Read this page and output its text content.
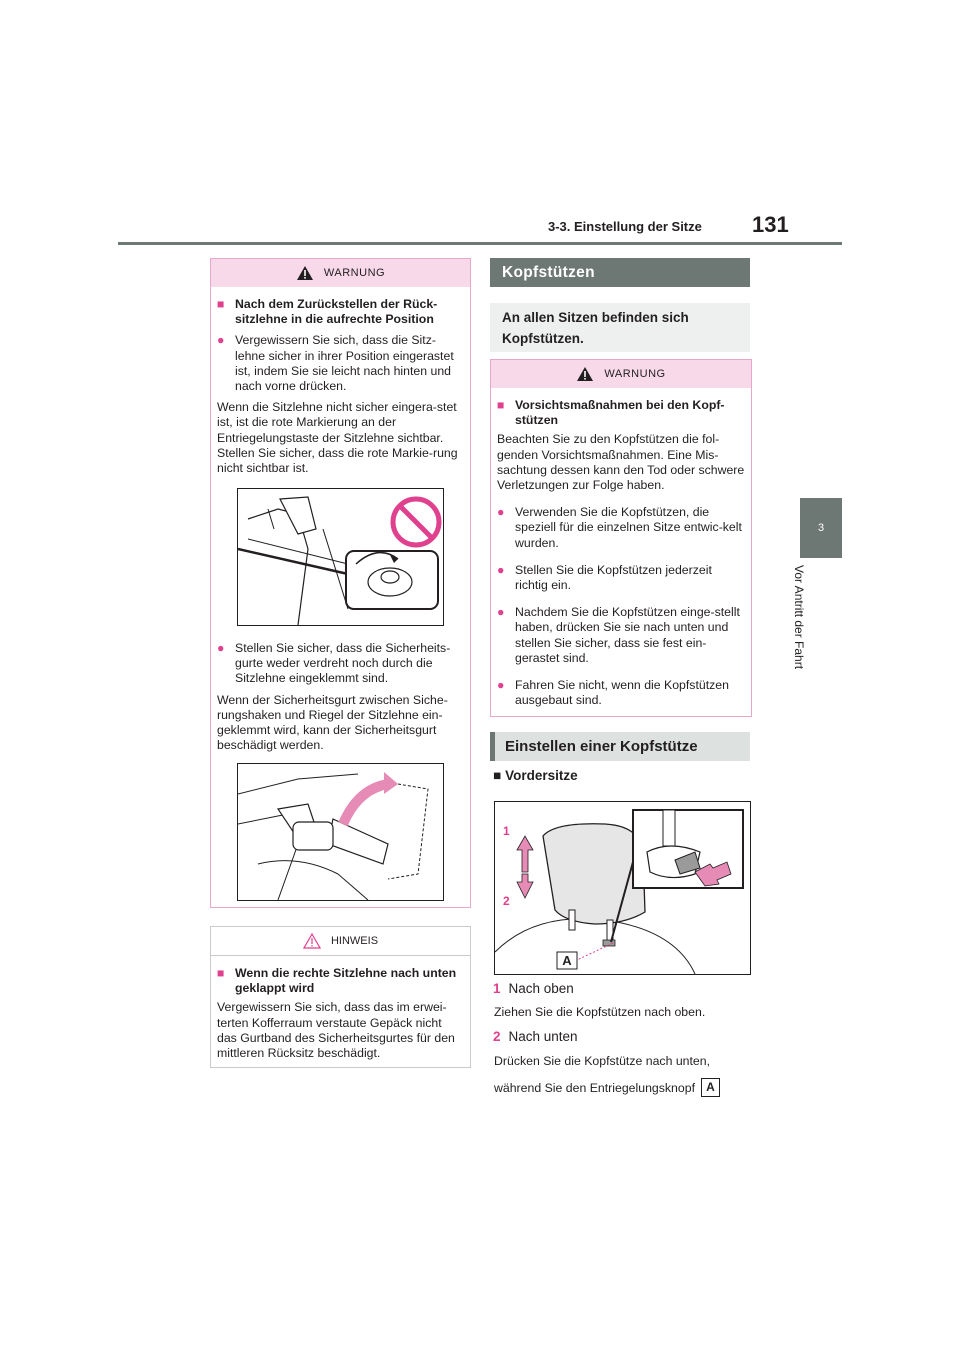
3-3. Einstellung der Sitze 131
3
Vor Antritt der Fahrt
WARNUNG
■ Nach dem Zurückstellen der Rück-sitzlehne in die aufrechte Position
● Vergewissern Sie sich, dass die Sitz-lehne sicher in ihrer Position eingerastet ist, indem Sie sie leicht nach hinten und nach vorne drücken.

Wenn die Sitzlehne nicht sicher eingera-stet ist, ist die rote Markierung an der Entriegelungstaste der Sitzlehne sichtbar. Stellen Sie sicher, dass die rote Markie-rung nicht sichtbar ist.

● Stellen Sie sicher, dass die Sicherheits-gurte weder verdreht noch durch die Sitzlehne eingeklemmt sind.

Wenn der Sicherheitsgurt zwischen Siche-rungshaken und Riegel der Sitzlehne ein-geklemmt wird, kann der Sicherheitsgurt beschädigt werden.

HINWEIS
■ Wenn die rechte Sitzlehne nach unten geklappt wird

Vergewissern Sie sich, dass das im erwei-terten Kofferraum verstaute Gepäck nicht das Gurtband des Sicherheitsgurtes für den mittleren Rücksitz beschädigt.

Kopfstützen
An allen Sitzen befinden sich Kopfstützen.
WARNUNG
■ Vorsichtsmaßnahmen bei den Kopf-stützen

Beachten Sie zu den Kopfstützen die fol-genden Vorsichtsmaßnahmen. Eine Mis-sachtung dessen kann den Tod oder schwere Verletzungen zur Folge haben.

● Verwenden Sie die Kopfstützen, die speziell für die einzelnen Sitze entwic-kelt wurden.
● Stellen Sie die Kopfstützen jederzeit richtig ein.
● Nachdem Sie die Kopfstützen einge-stellt haben, drücken Sie sie nach unten und stellen Sie sicher, dass sie fest ein-gerastet sind.
● Fahren Sie nicht, wenn die Kopfstützen ausgebaut sind.
Einstellen einer Kopfstütze
■ Vordersitze
1
2
A
1 Nach oben
Ziehen Sie die Kopfstützen nach oben.
2 Nach unten
Drücken Sie die Kopfstütze nach unten,
während Sie den Entriegelungsknopf A
